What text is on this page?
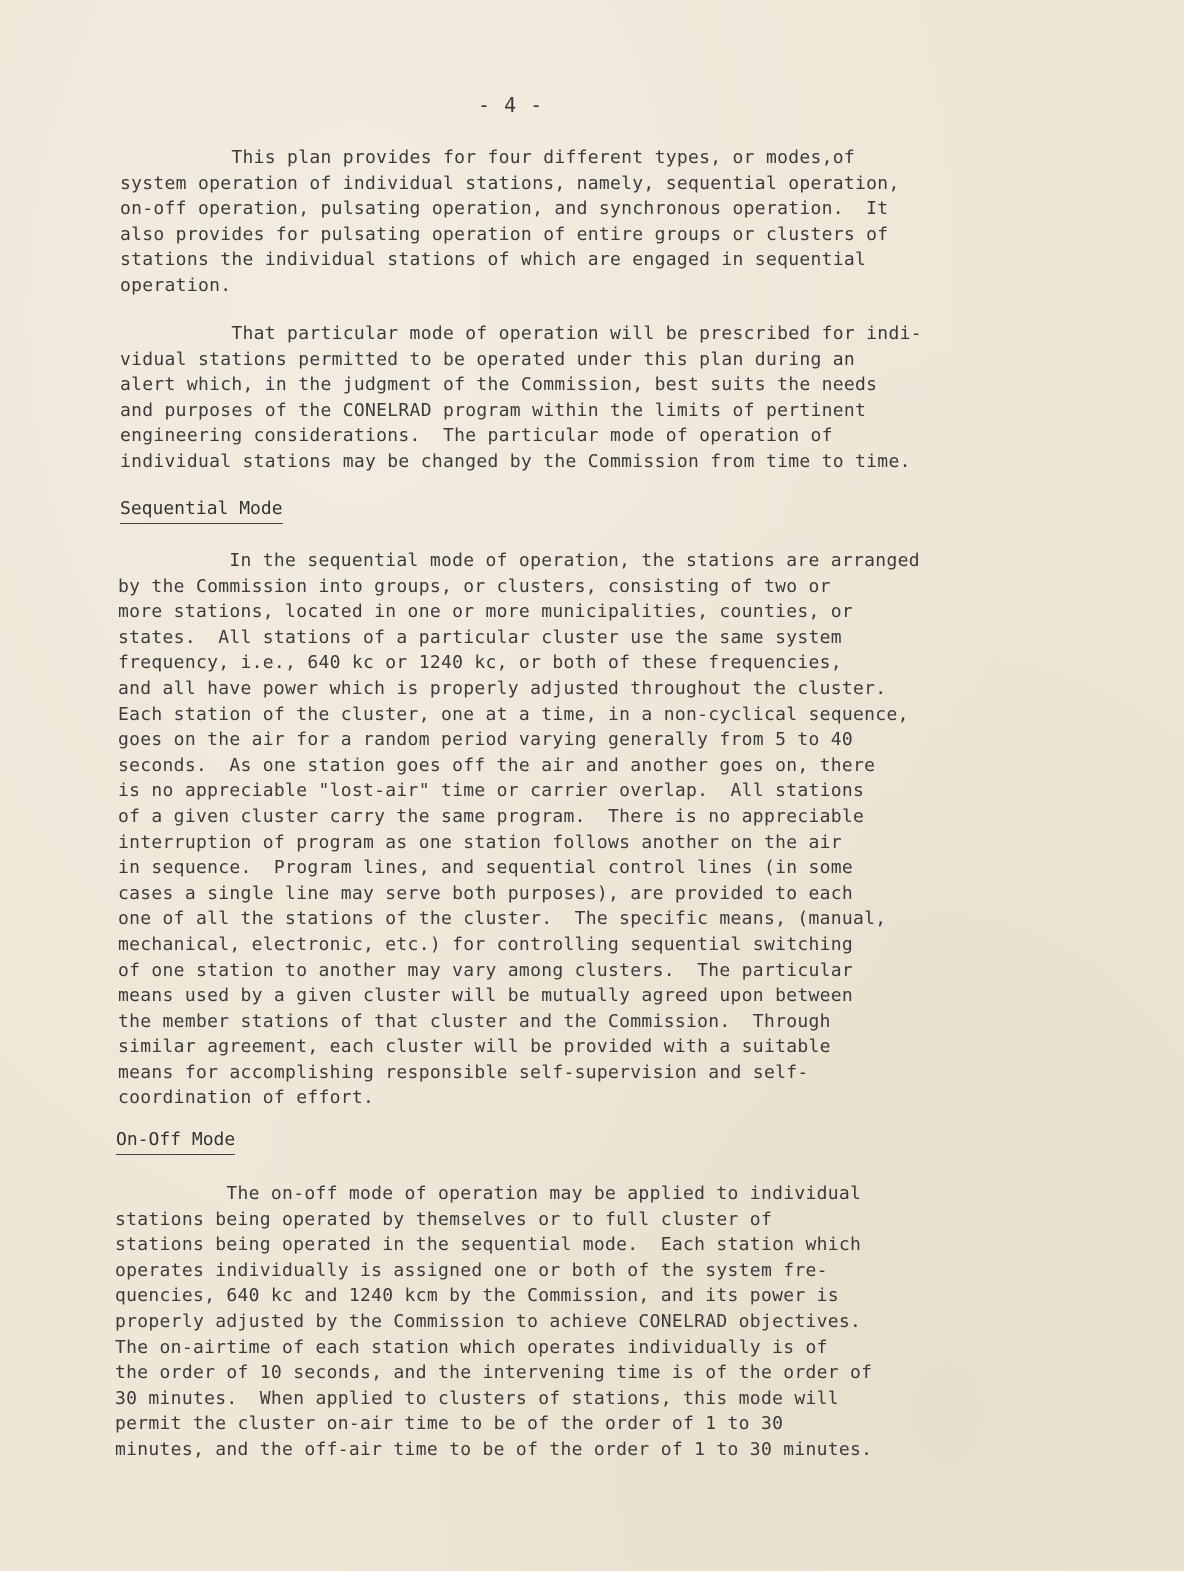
- 4 -

This plan provides for four different types, or modes,of
system operation of individual stations, namely, sequential operation,
on-off operation, pulsating operation, and synchronous operation.  It
also provides for pulsating operation of entire groups or clusters of
stations the individual stations of which are engaged in sequential
operation.

That particular mode of operation will be prescribed for indi-
vidual stations permitted to be operated under this plan during an
alert which, in the judgment of the Commission, best suits the needs
and purposes of the CONELRAD program within the limits of pertinent
engineering considerations.  The particular mode of operation of
individual stations may be changed by the Commission from time to time.

Sequential Mode

In the sequential mode of operation, the stations are arranged
by the Commission into groups, or clusters, consisting of two or
more stations, located in one or more municipalities, counties, or
states.  All stations of a particular cluster use the same system
frequency, i.e., 640 kc or 1240 kc, or both of these frequencies,
and all have power which is properly adjusted throughout the cluster.
Each station of the cluster, one at a time, in a non-cyclical sequence,
goes on the air for a random period varying generally from 5 to 40
seconds.  As one station goes off the air and another goes on, there
is no appreciable "lost-air" time or carrier overlap.  All stations
of a given cluster carry the same program.  There is no appreciable
interruption of program as one station follows another on the air
in sequence.  Program lines, and sequential control lines (in some
cases a single line may serve both purposes), are provided to each
one of all the stations of the cluster.  The specific means, (manual,
mechanical, electronic, etc.) for controlling sequential switching
of one station to another may vary among clusters.  The particular
means used by a given cluster will be mutually agreed upon between
the member stations of that cluster and the Commission.  Through
similar agreement, each cluster will be provided with a suitable
means for accomplishing responsible self-supervision and self-
coordination of effort.

On-Off Mode

The on-off mode of operation may be applied to individual
stations being operated by themselves or to full cluster of
stations being operated in the sequential mode.  Each station which
operates individually is assigned one or both of the system fre-
quencies, 640 kc and 1240 kcm by the Commission, and its power is
properly adjusted by the Commission to achieve CONELRAD objectives.
The on-airtime of each station which operates individually is of
the order of 10 seconds, and the intervening time is of the order of
30 minutes.  When applied to clusters of stations, this mode will
permit the cluster on-air time to be of the order of 1 to 30
minutes, and the off-air time to be of the order of 1 to 30 minutes.
